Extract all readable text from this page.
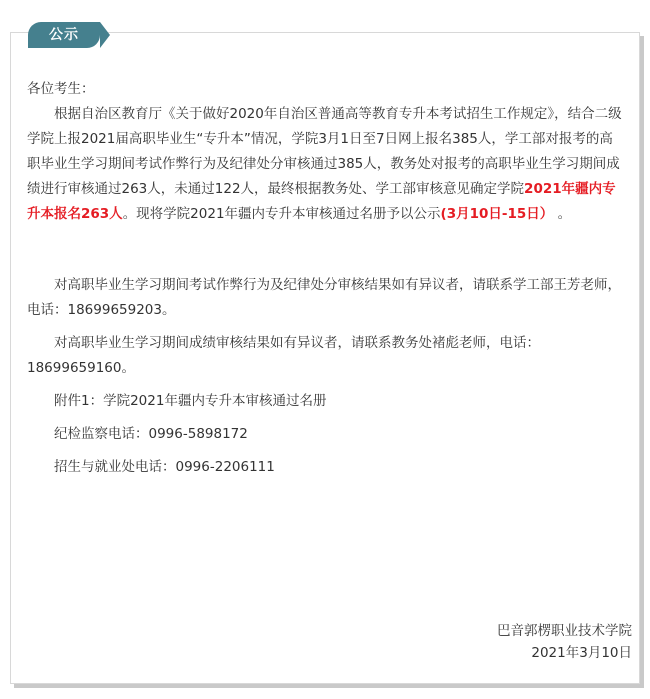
公示

各位考生：

根据自治区教育厅《关于做好2020年自治区普通高等教育专升本考试招生工作规定》，结合二级学院上报2021届高职毕业生“专升本”情况，学院3月1日至7日网上报名385人，学工部对报考的高职毕业生学习期间考试作弊行为及纪律处分审核通过385人，教务处对报考的高职毕业生学习期间成绩进行审核通过263人，未通过122人，最终根据教务处、学工部审核意见确定学院2021年疆内专升本报名263人。现将学院2021年疆内专升本审核通过名册予以公示(3月10日-15日） 。

对高职毕业生学习期间考试作弊行为及纪律处分审核结果如有异议者，请联系学工部王芳老师，电话：18699659203。

对高职毕业生学习期间成绩审核结果如有异议者，请联系教务处褚彪老师，电话：18699659160。

附件1：学院2021年疆内专升本审核通过名册

纪检监察电话：0996-5898172

招生与就业处电话：0996-2206111

巴音郭楞职业技术学院
2021年3月10日
